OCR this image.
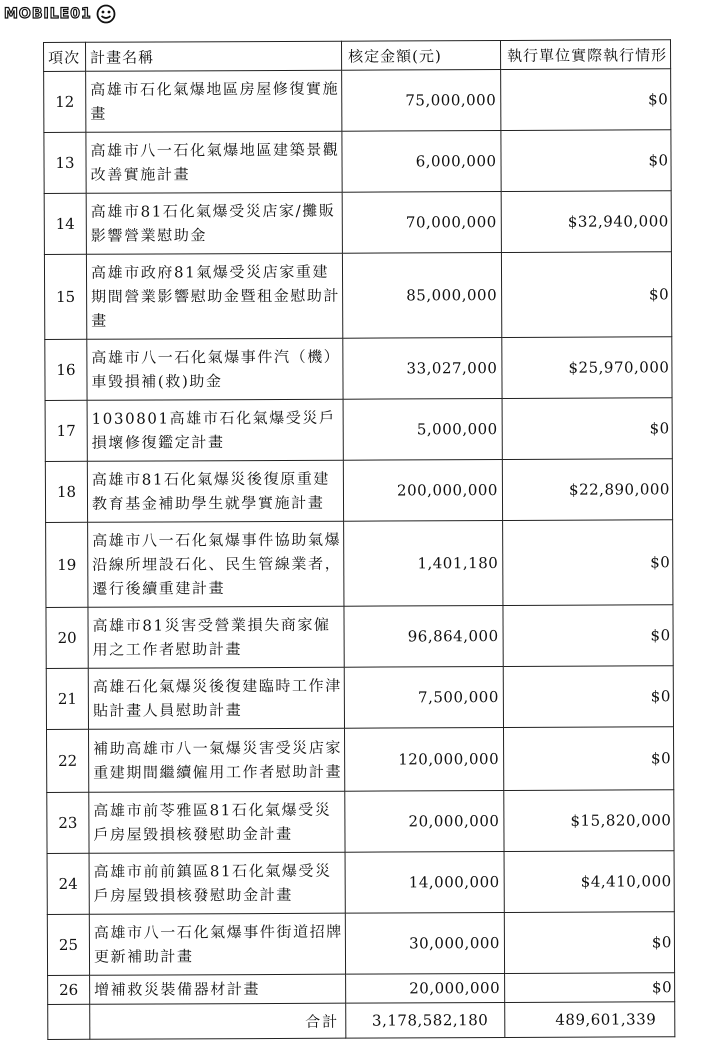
MOBILE01
項次	計畫名稱	核定金額(元)	執行單位實際執行情形
12	高雄市石化氣爆地區房屋修復實施畫	75,000,000	$0
13	高雄市八一石化氣爆地區建築景觀改善實施計畫	6,000,000	$0
14	高雄市81石化氣爆受災店家/攤販影響營業慰助金	70,000,000	$32,940,000
15	高雄市政府81氣爆受災店家重建期間營業影響慰助金暨租金慰助計畫	85,000,000	$0
16	高雄市八一石化氣爆事件汽（機）車毀損補(救)助金	33,027,000	$25,970,000
17	1030801高雄市石化氣爆受災戶損壞修復鑑定計畫	5,000,000	$0
18	高雄市81石化氣爆災後復原重建教育基金補助學生就學實施計畫	200,000,000	$22,890,000
19	高雄市八一石化氣爆事件協助氣爆沿線所埋設石化、民生管線業者，遷行後續重建計畫	1,401,180	$0
20	高雄市81災害受營業損失商家僱用之工作者慰助計畫	96,864,000	$0
21	高雄石化氣爆災後復建臨時工作津貼計畫人員慰助計畫	7,500,000	$0
22	補助高雄市八一氣爆災害受災店家重建期間繼續僱用工作者慰助計畫	120,000,000	$0
23	高雄市前苓雅區81石化氣爆受災戶房屋毀損核發慰助金計畫	20,000,000	$15,820,000
24	高雄市前前鎮區81石化氣爆受災戶房屋毀損核發慰助金計畫	14,000,000	$4,410,000
25	高雄市八一石化氣爆事件街道招牌更新補助計畫	30,000,000	$0
26	增補救災裝備器材計畫	20,000,000	$0
	合計	3,178,582,180	489,601,339
